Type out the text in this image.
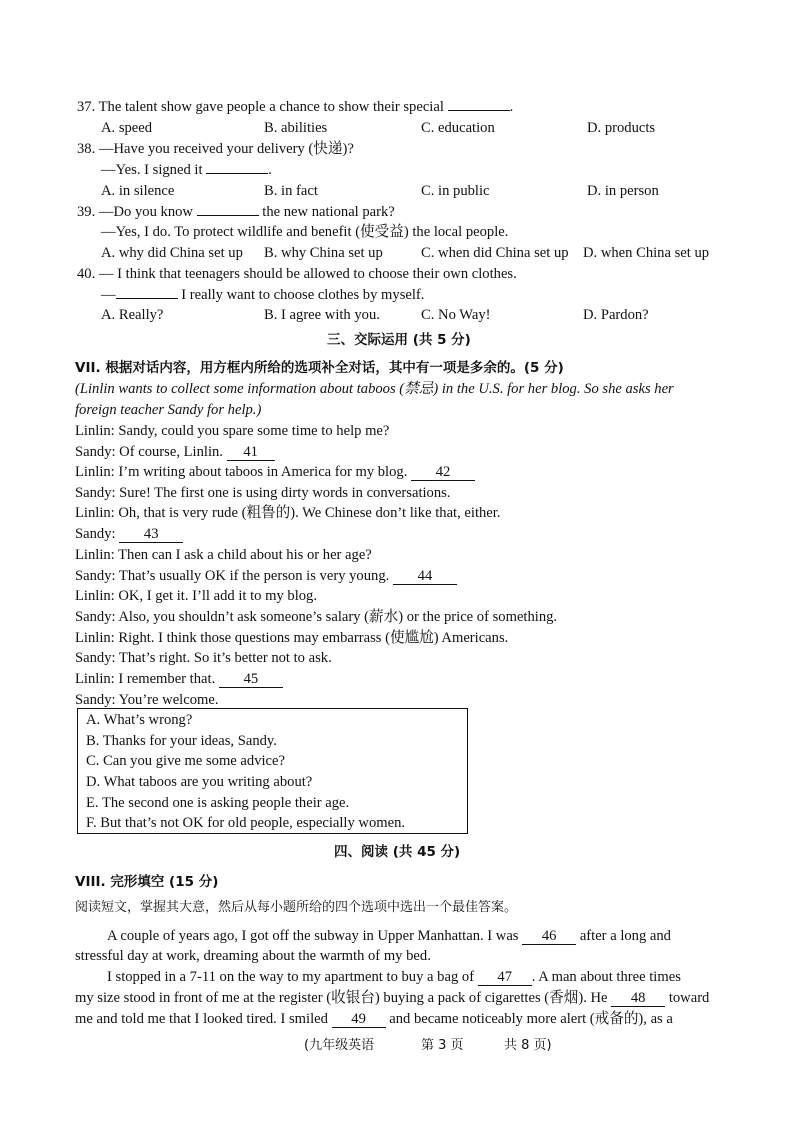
37. The talent show gave people a chance to show their special	.
A. speed	B. abilities	C. education	D. products
38. —Have you received your delivery (快递)?
—Yes. I signed it	.
A. in silence	B. in fact	C. in public	D. in person
39. —Do you know	the new national park?
—Yes, I do. To protect wildlife and benefit (使受益) the local people.
A. why did China set up B. why China set up	C. when did China set up D. when China set up
40. — I think that teenagers should be allowed to choose their own clothes.
—	I really want to choose clothes by myself.
A. Really?	B. I agree with you.	C. No Way!	D. Pardon?
三、交际运用 (共 5 分)
VII. 根据对话内容，用方框内所给的选项补全对话，其中有一项是多余的。(5 分)
(Linlin wants to collect some information about taboos (禁忌) in the U.S. for her blog. So she asks her
foreign teacher Sandy for help.)
Linlin: Sandy, could you spare some time to help me?
Sandy: Of course, Linlin. 41
Linlin: I’m writing about taboos in America for my blog. 42
Sandy: Sure! The first one is using dirty words in conversations.
Linlin: Oh, that is very rude (粗鲁的). We Chinese don’t like that, either.
Sandy: 43
Linlin: Then can I ask a child about his or her age?
Sandy: That’s usually OK if the person is very young. 44
Linlin: OK, I get it. I’ll add it to my blog.
Sandy: Also, you shouldn’t ask someone’s salary (薪水) or the price of something.
Linlin: Right. I think those questions may embarrass (使尴尬) Americans.
Sandy: That’s right. So it’s better not to ask.
Linlin: I remember that. 45
Sandy: You’re welcome.
A. What’s wrong?
B. Thanks for your ideas, Sandy.
C. Can you give me some advice?
D. What taboos are you writing about?
E. The second one is asking people their age.
F. But that’s not OK for old people, especially women.
四、阅读 (共 45 分)
VIII. 完形填空 (15 分)
阅读短文，掌握其大意，然后从每小题所给的四个选项中选出一个最佳答案。
A couple of years ago, I got off the subway in Upper Manhattan. I was 46 after a long and
stressful day at work, dreaming about the warmth of my bed.
I stopped in a 7-11 on the way to my apartment to buy a bag of 47 . A man about three times
my size stood in front of me at the register (收银台) buying a pack of cigarettes (香烟). He 48 toward
me and told me that I looked tired. I smiled 49 and became noticeably more alert (戒备的), as a
(九年级英语	第 3 页	共 8 页)
